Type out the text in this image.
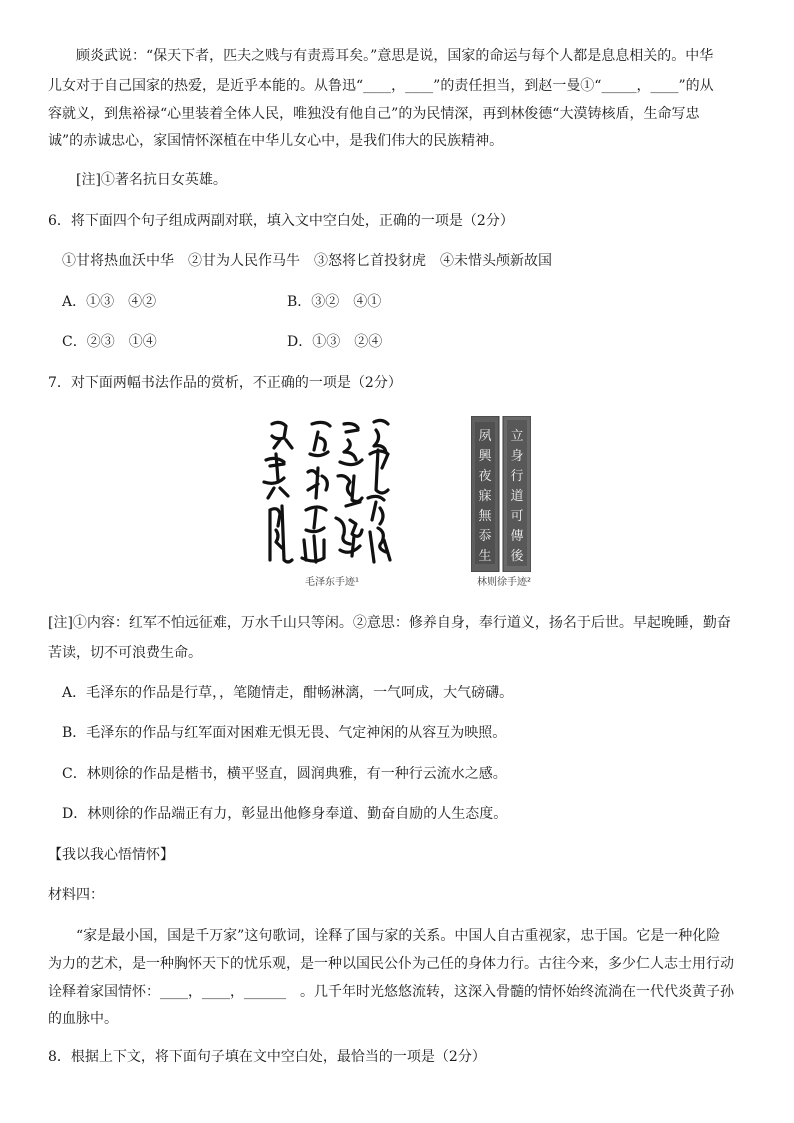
顾炎武说：“保天下者，匹夫之贱与有责焉耳矣。”意思是说，国家的命运与每个人都是息息相关的。中华
儿女对于自己国家的热爱，是近乎本能的。从鲁迅“____，____”的责任担当，到赵一曼①“_____，____”的从
容就义，到焦裕禄“心里装着全体人民，唯独没有他自己”的为民情深，再到林俊德“大漠铸核盾，生命写忠
诚”的赤诚忠心，家国情怀深植在中华儿女心中，是我们伟大的民族精神。
[注]①著名抗日女英雄。
6．将下面四个句子组成两副对联，填入文中空白处，正确的一项是（2分）
①甘将热血沃中华　②甘为人民作马牛　③怒将匕首投豺虎　④未惜头颅新故国
A．①③　④②	B．③②　④①
C．②③　①④	D．①③　②④
7．对下面两幅书法作品的赏析，不正确的一项是（2分）
毛泽东手迹¹
立
身
行
道
可
傳
後
夙
興
夜
寐
無
忝
生
林则徐手迹²
[注]①内容：红军不怕远征难，万水千山只等闲。②意思：修养自身，奉行道义，扬名于后世。早起晚睡，勤奋
苦读，切不可浪费生命。
A．毛泽东的作品是行草，，笔随情走，酣畅淋漓，一气呵成，大气磅礴。
B．毛泽东的作品与红军面对困难无惧无畏、气定神闲的从容互为映照。
C．林则徐的作品是楷书，横平竖直，圆润典雅，有一种行云流水之感。
D．林则徐的作品端正有力，彰显出他修身奉道、勤奋自励的人生态度。
【我以我心悟情怀】
材料四：
“家是最小国，国是千万家”这句歌词，诠释了国与家的关系。中国人自古重视家，忠于国。它是一种化险
为力的艺术，是一种胸怀天下的忧乐观，是一种以国民公仆为己任的身体力行。古往今来，多少仁人志士用行动
诠释着家国情怀：____，____，______　。几千年时光悠悠流转，这深入骨髓的情怀始终流淌在一代代炎黄子孙
的血脉中。
8．根据上下文，将下面句子填在文中空白处，最恰当的一项是（2分）
